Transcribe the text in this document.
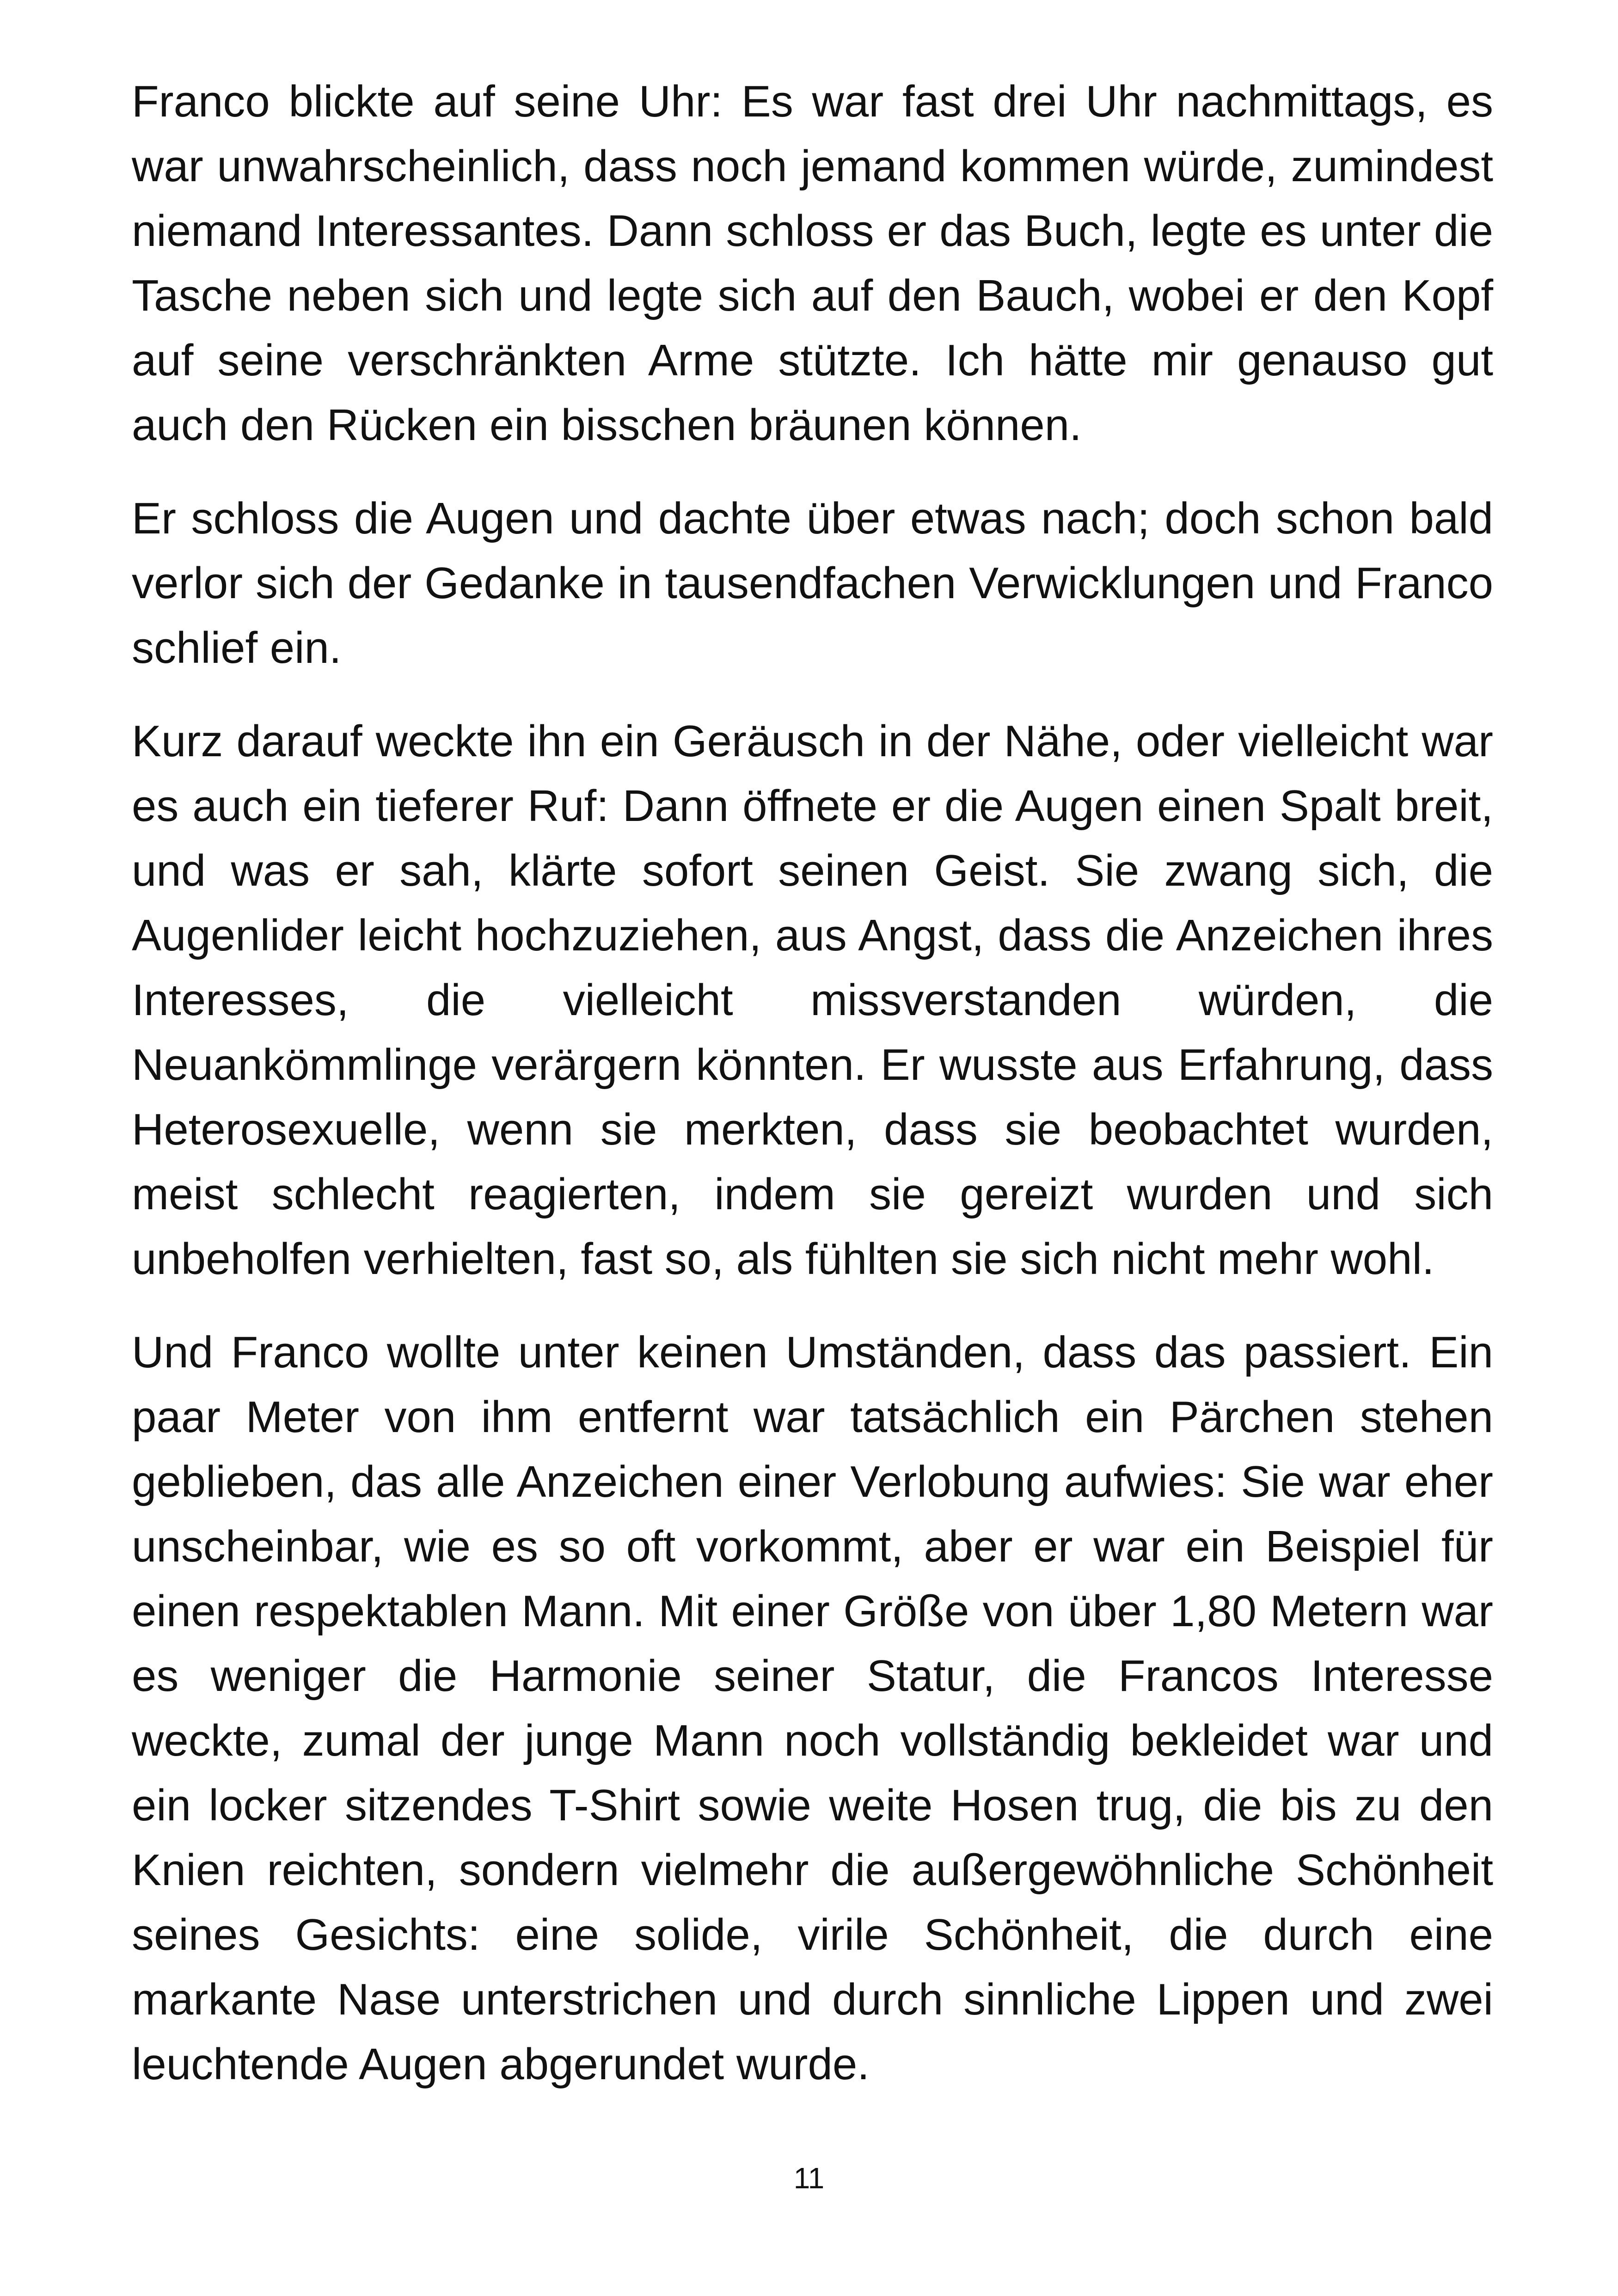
Franco blickte auf seine Uhr: Es war fast drei Uhr nachmittags, es war unwahrscheinlich, dass noch jemand kommen würde, zumindest niemand Interessantes. Dann schloss er das Buch, legte es unter die Tasche neben sich und legte sich auf den Bauch, wobei er den Kopf auf seine verschränkten Arme stützte. Ich hätte mir genauso gut auch den Rücken ein bisschen bräunen können.

Er schloss die Augen und dachte über etwas nach; doch schon bald verlor sich der Gedanke in tausendfachen Verwicklungen und Franco schlief ein.

Kurz darauf weckte ihn ein Geräusch in der Nähe, oder vielleicht war es auch ein tieferer Ruf: Dann öffnete er die Augen einen Spalt breit, und was er sah, klärte sofort seinen Geist. Sie zwang sich, die Augenlider leicht hochzuziehen, aus Angst, dass die Anzeichen ihres Interesses, die vielleicht missverstanden würden, die Neuankömmlinge verärgern könnten. Er wusste aus Erfahrung, dass Heterosexuelle, wenn sie merkten, dass sie beobachtet wurden, meist schlecht reagierten, indem sie gereizt wurden und sich unbeholfen verhielten, fast so, als fühlten sie sich nicht mehr wohl.

Und Franco wollte unter keinen Umständen, dass das passiert. Ein paar Meter von ihm entfernt war tatsächlich ein Pärchen stehen geblieben, das alle Anzeichen einer Verlobung aufwies: Sie war eher unscheinbar, wie es so oft vorkommt, aber er war ein Beispiel für einen respektablen Mann. Mit einer Größe von über 1,80 Metern war es weniger die Harmonie seiner Statur, die Francos Interesse weckte, zumal der junge Mann noch vollständig bekleidet war und ein locker sitzendes T-Shirt sowie weite Hosen trug, die bis zu den Knien reichten, sondern vielmehr die außergewöhnliche Schönheit seines Gesichts: eine solide, virile Schönheit, die durch eine markante Nase unterstrichen und durch sinnliche Lippen und zwei leuchtende Augen abgerundet wurde.

11
